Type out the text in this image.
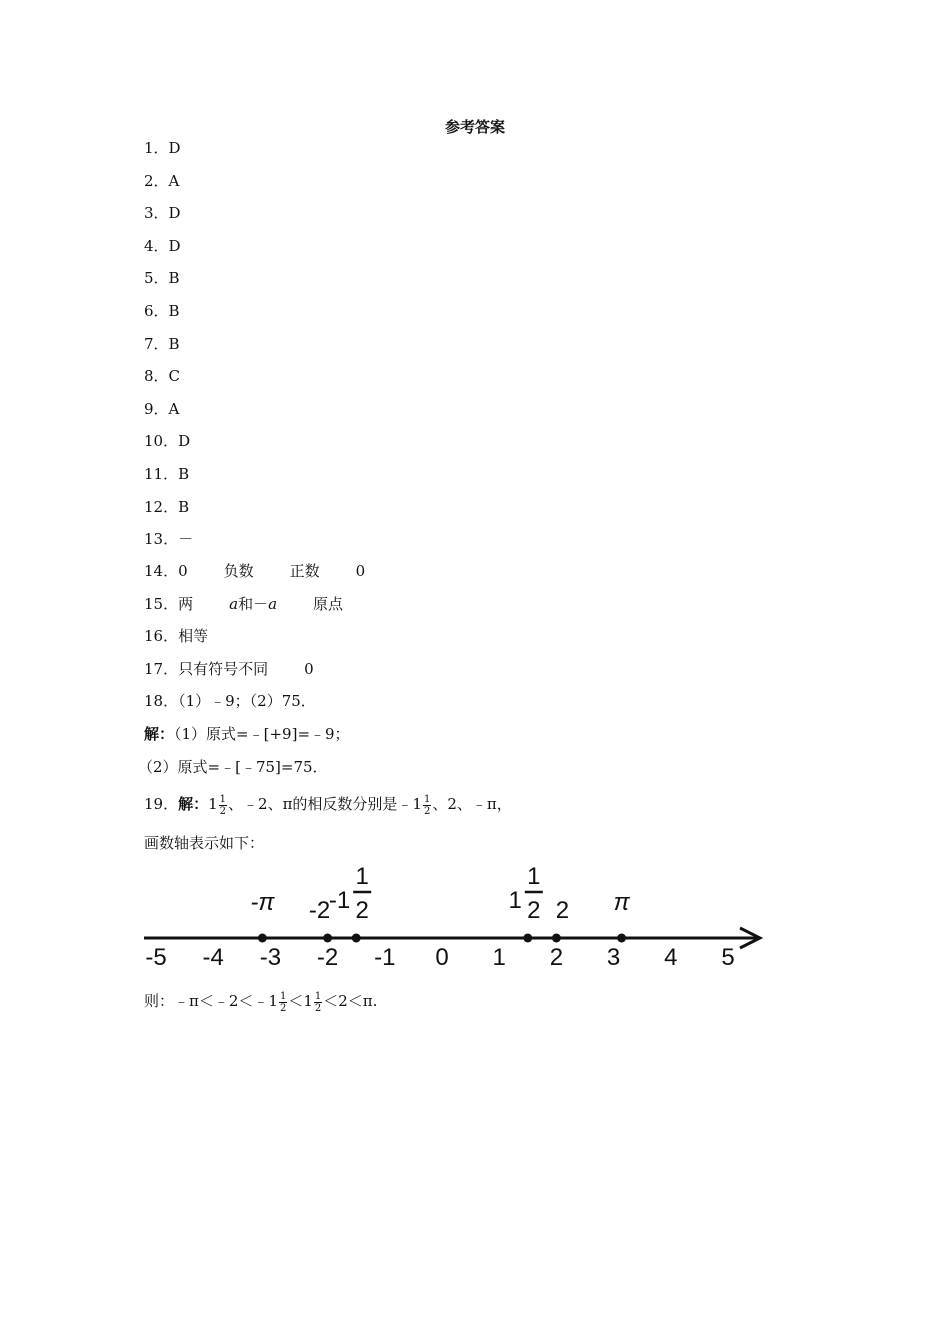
参考答案
1．D
2．A
3．D
4．D
5．B
6．B
7．B
8．C
9．A
10．D
11．B
12．B
13．－
14．0 负数 正数 0
15．两 a和－a 原点
16．相等
17．只有符号不同 0
18．（1）﹣9；（2）75．
解：（1）原式=﹣[+9]=﹣9；
（2）原式=﹣[﹣75]=75．
19．解：$1 \frac{1}{2}$ 、﹣2、π的相反数分别是﹣1 $\frac{1}{2}$ 、2、﹣π，
画数轴表示如下：
-5 -4 -3 -2 -1 0 1 2 3 4 5
-π -2
-1
1
2	1
1
2 2 π
则：﹣π＜﹣2＜﹣1 $\frac{1}{2} <1 \frac{1}{2} <2<\pi$.
